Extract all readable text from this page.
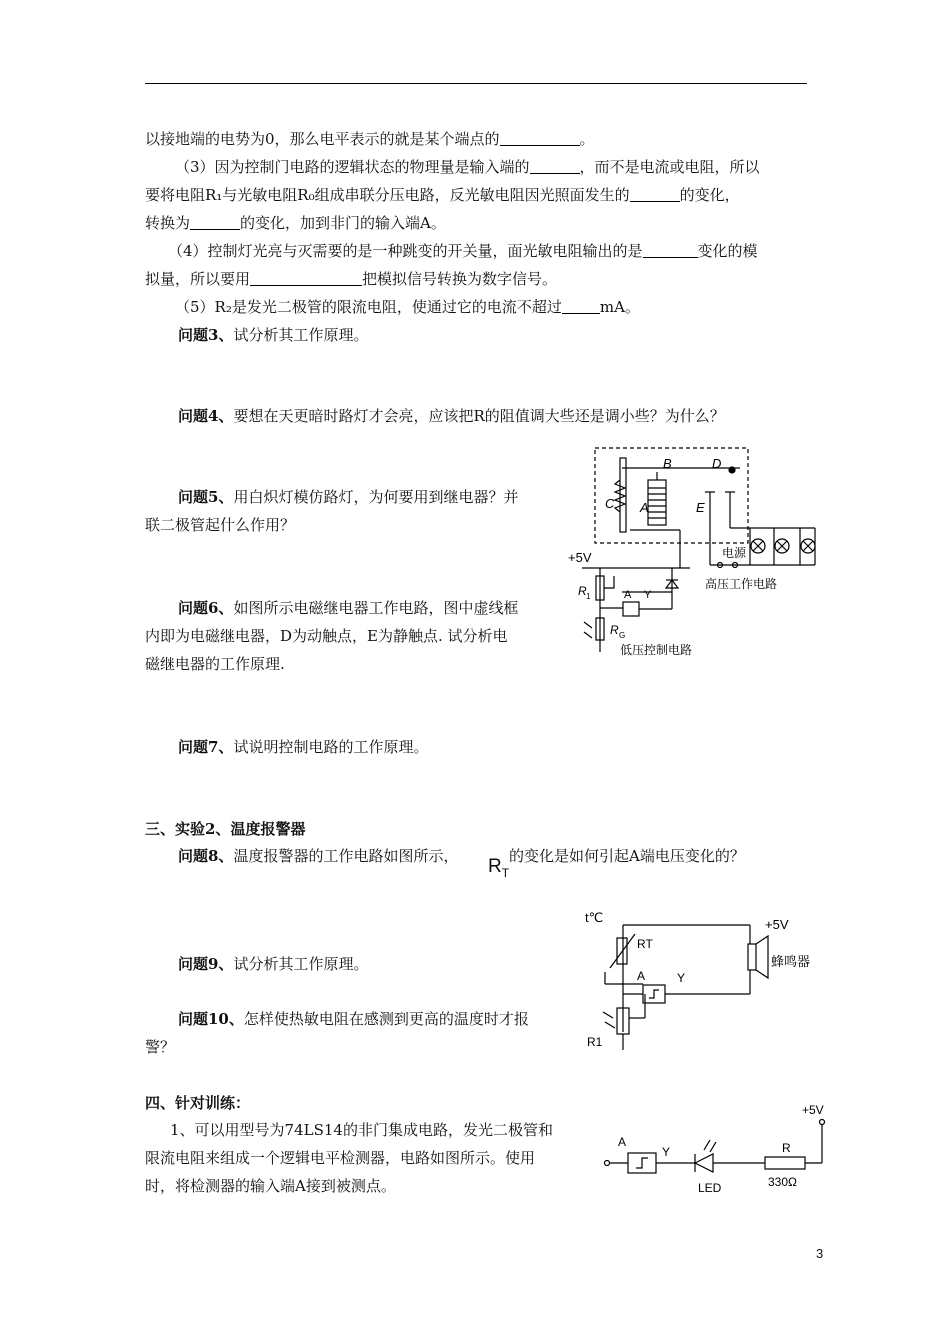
以接地端的电势为0，那么电平表示的就是某个端点的	。
（3）因为控制门电路的逻辑状态的物理量是输入端的	，而不是电流或电阻，所以
要将电阻R₁与光敏电阻R₀组成串联分压电路，反光敏电阻因光照面发生的	的变化，
转换为	的变化，加到非门的输入端A。
（4）控制灯光亮与灭需要的是一种跳变的开关量，面光敏电阻输出的是	变化的模
拟量，所以要用	把模拟信号转换为数字信号。
（5）R₂是发光二极管的限流电阻，使通过它的电流不超过	mA。
问题3、试分析其工作原理。
问题4、要想在天更暗时路灯才会亮，应该把R的阻值调大些还是调小些？为什么？
问题5、用白炽灯模仿路灯，为何要用到继电器？并
联二极管起什么作用？
问题6、如图所示电磁继电器工作电路，图中虚线框
内即为电磁继电器，D为动触点，E为静触点. 试分析电
磁继电器的工作原理.
问题7、试说明控制电路的工作原理。
三、实验2、温度报警器
问题8、温度报警器的工作电路如图所示， $R_T$
的变化是如何引起A端电压变化的？
问题9、试分析其工作原理。
问题10、怎样使热敏电阻在感测到更高的温度时才报
警？
四、针对训练：
1、可以用型号为74LS14的非门集成电路，发光二极管和
限流电阻来组成一个逻辑电平检测器，电路如图所示。使用
时，将检测器的输入端A接到被测点。
B	D
C A	E
+5V	电源
高压工作电路
R 1	A Y
R G
低压控制电路
t℃	+5V
RT
蜂鸣器
A	Y
R1
+5V
A
Y	R
LED	330Ω
3
